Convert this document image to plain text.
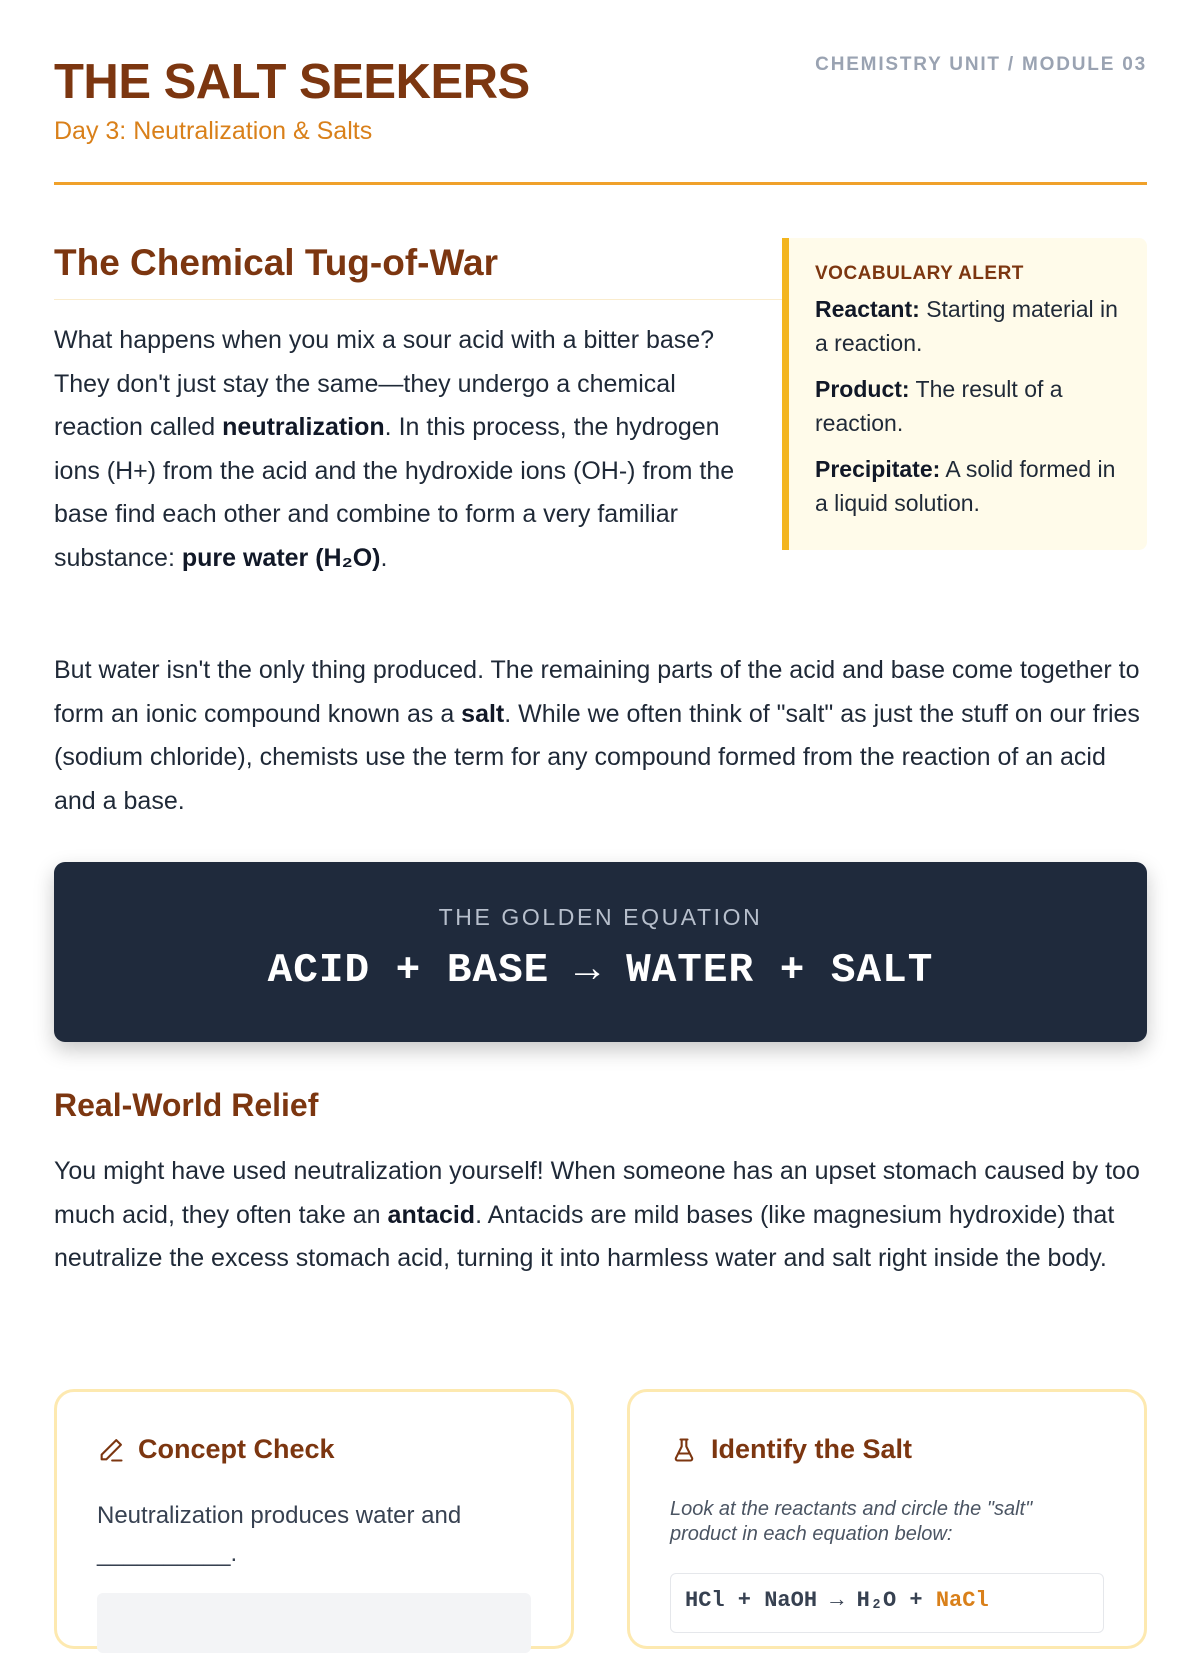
THE SALT SEEKERS
Day 3: Neutralization & Salts
CHEMISTRY UNIT / MODULE 03
The Chemical Tug-of-War

What happens when you mix a sour acid with a bitter base? They don't just stay the same—they undergo a chemical reaction called neutralization. In this process, the hydrogen ions (H+) from the acid and the hydroxide ions (OH-) from the base find each other and combine to form a very familiar substance: pure water (H₂O).

VOCABULARY ALERT
Reactant: Starting material in a reaction.
Product: The result of a reaction.
Precipitate: A solid formed in a liquid solution.

But water isn't the only thing produced. The remaining parts of the acid and base come together to form an ionic compound known as a salt. While we often think of "salt" as just the stuff on our fries (sodium chloride), chemists use the term for any compound formed from the reaction of an acid and a base.

THE GOLDEN EQUATION
ACID + BASE → WATER + SALT
Real-World Relief

You might have used neutralization yourself! When someone has an upset stomach caused by too much acid, they often take an antacid. Antacids are mild bases (like magnesium hydroxide) that neutralize the excess stomach acid, turning it into harmless water and salt right inside the body.

Concept Check
Neutralization produces water and __________.
Identify the Salt
Look at the reactants and circle the "salt" product in each equation below:
HCl + NaOH → H₂O + NaCl
